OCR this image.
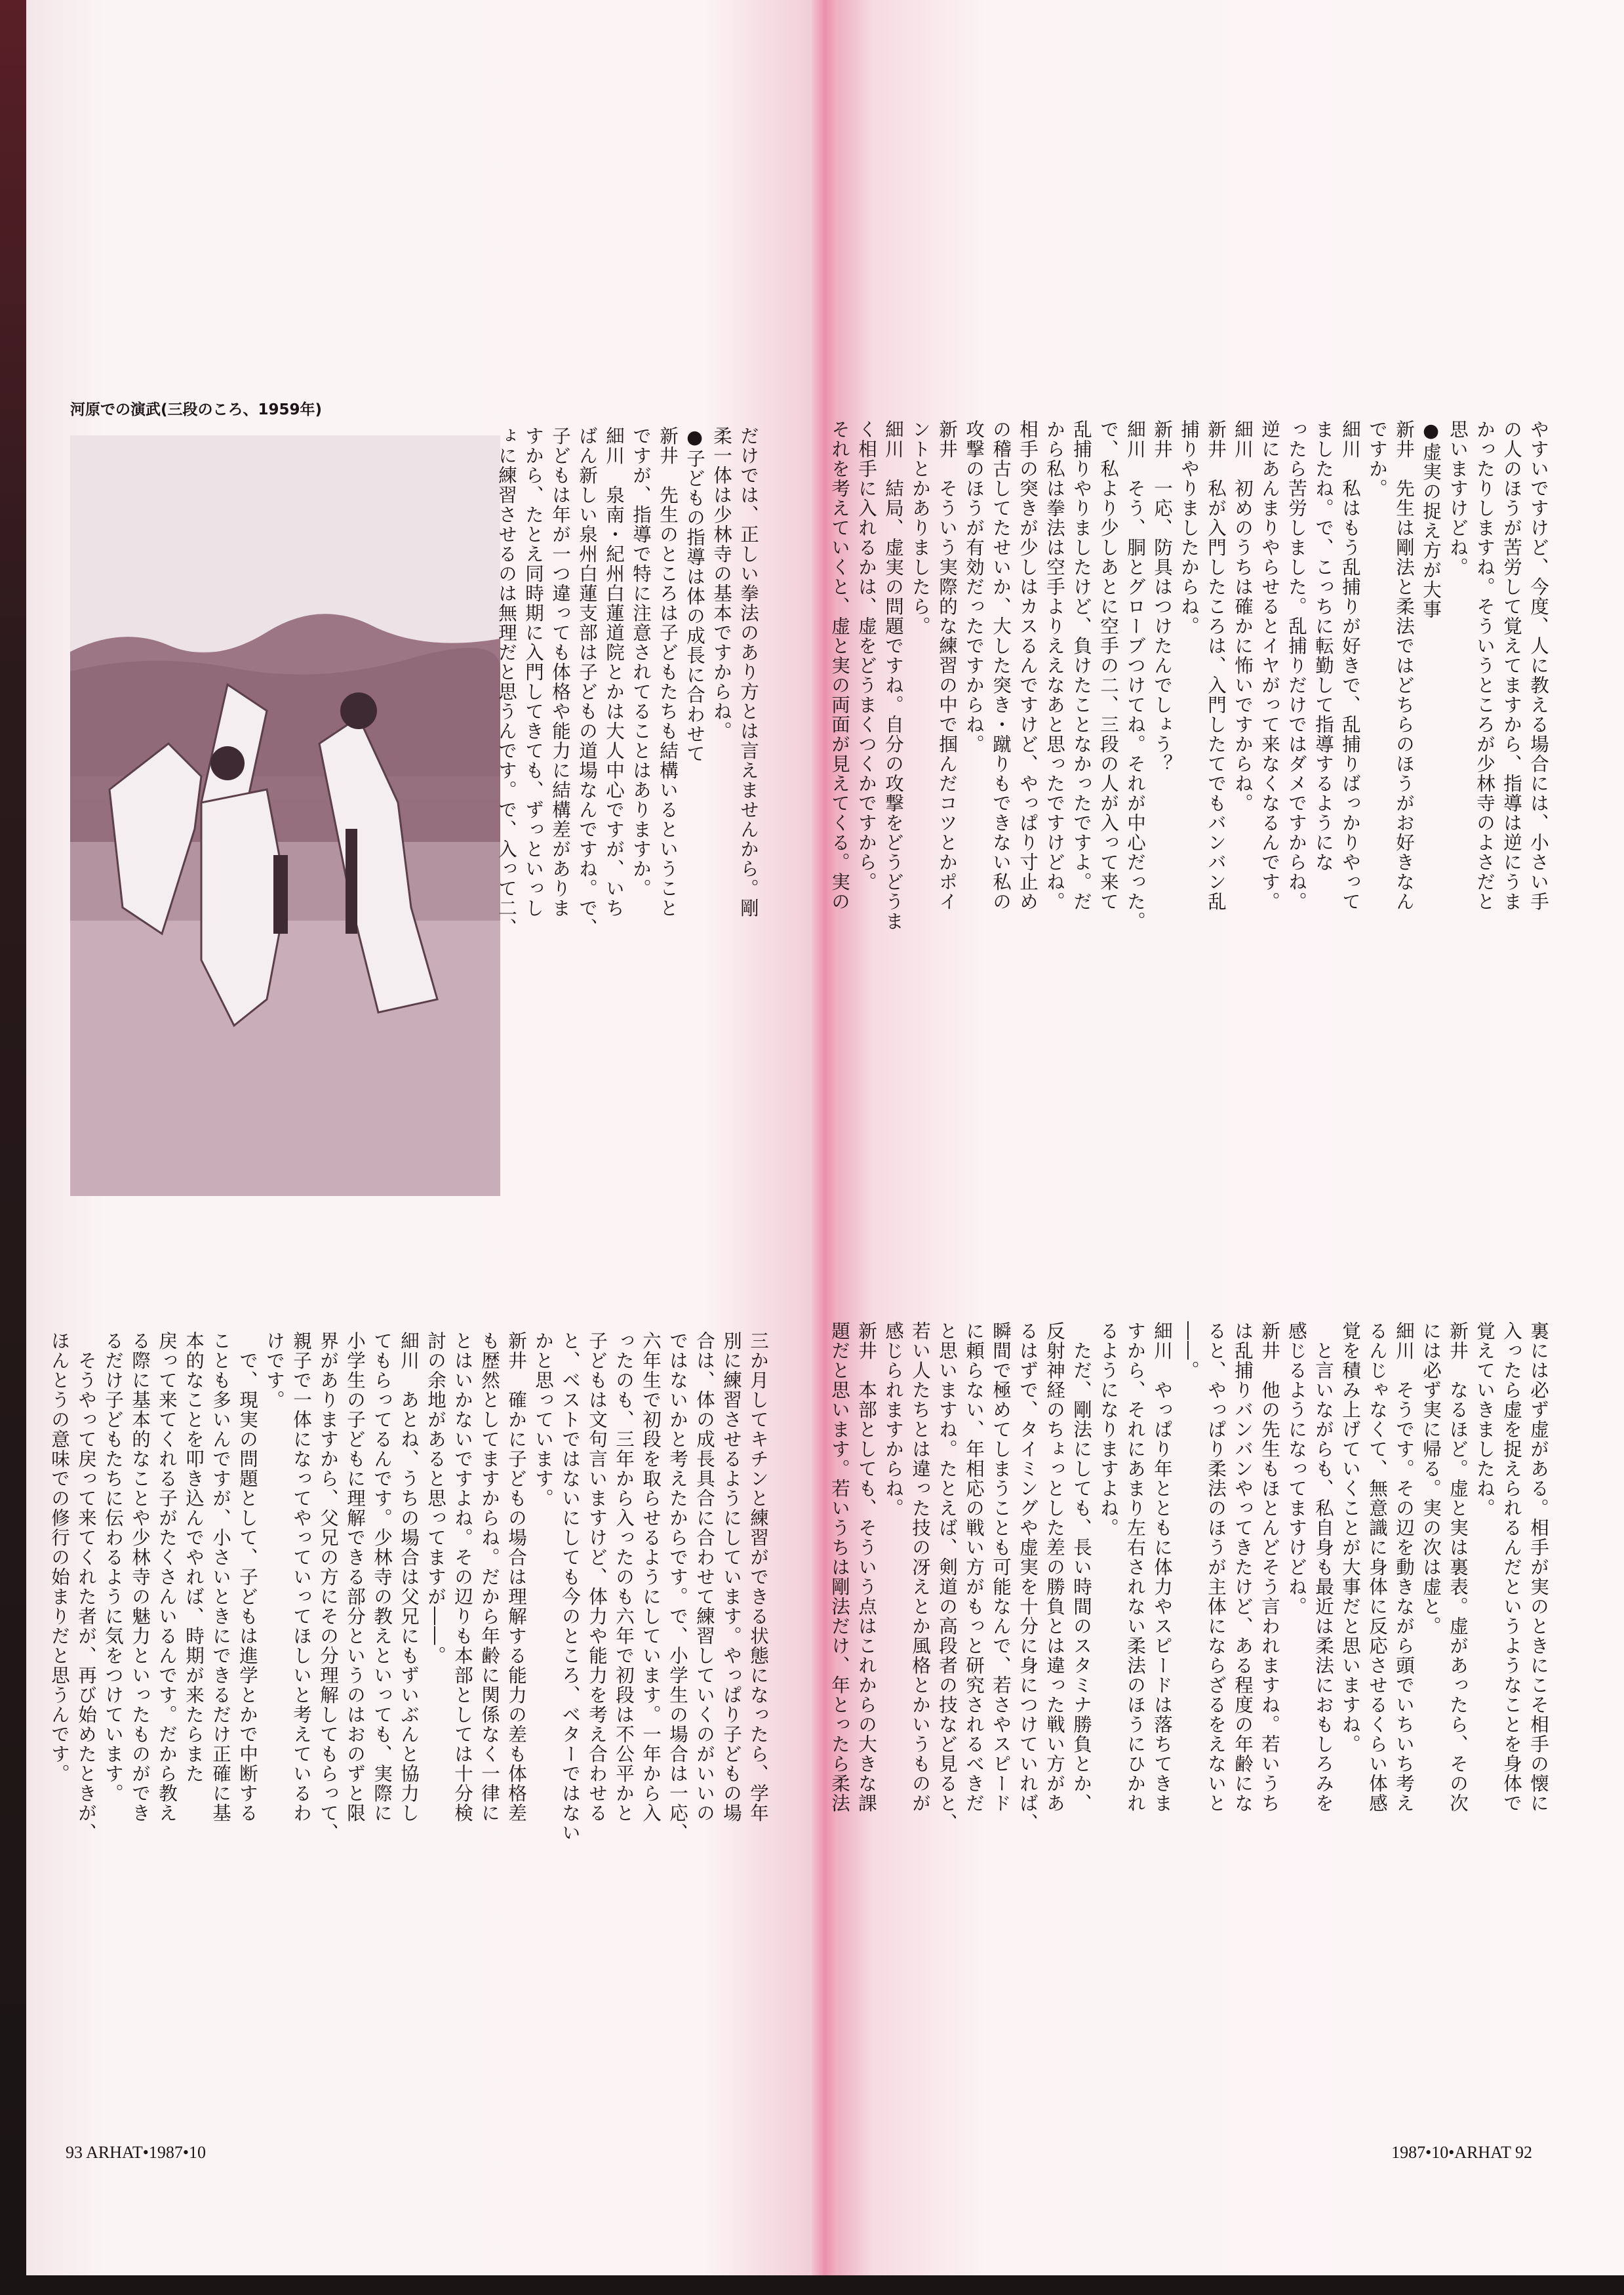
河原での演武(三段のころ、1959年)
だけでは、正しい拳法のあり方とは言えませんから。剛
柔一体は少林寺の基本ですからね。
●子どもの指導は体の成長に合わせて
新井　先生のところは子どもたちも結構いるということ
ですが、指導で特に注意されてることはありますか。
細川　泉南・紀州白蓮道院とかは大人中心ですが、いち
ばん新しい泉州白蓮支部は子どもの道場なんですね。で、
子どもは年が一つ違っても体格や能力に結構差がありま
すから、たとえ同時期に入門してきても、ずっといっし
ょに練習させるのは無理だと思うんです。で、入って二、
三か月してキチンと練習ができる状態になったら、学年
別に練習させるようにしています。やっぱり子どもの場
合は、体の成長具合に合わせて練習していくのがいいの
ではないかと考えたからです。で、小学生の場合は一応、
六年生で初段を取らせるようにしています。一年から入
ったのも、三年から入ったのも六年で初段は不公平かと
子どもは文句言いますけど、体力や能力を考え合わせる
と、ベストではないにしても今のところ、ベターではない
かと思っています。
新井　確かに子どもの場合は理解する能力の差も体格差
も歴然としてますからね。だから年齢に関係なく一律に
とはいかないですよね。その辺りも本部としては十分検
討の余地があると思ってますが――。
細川　あとね、うちの場合は父兄にもずいぶんと協力し
てもらってるんです。少林寺の教えといっても、実際に
小学生の子どもに理解できる部分というのはおのずと限
界がありますから、父兄の方にその分理解してもらって、
親子で一体になってやっていってほしいと考えているわ
けです。
　で、現実の問題として、子どもは進学とかで中断する
ことも多いんですが、小さいときにできるだけ正確に基
本的なことを叩き込んでやれば、時期が来たらまた
戻って来てくれる子がたくさんいるんです。だから教え
る際に基本的なことや少林寺の魅力といったものができ
るだけ子どもたちに伝わるように気をつけています。
　そうやって戻って来てくれた者が、再び始めたときが、
ほんとうの意味での修行の始まりだと思うんです。
93 ARHAT•1987•10
やすいですけど、今度、人に教える場合には、小さい手
の人のほうが苦労して覚えてますから、指導は逆にうま
かったりしますね。そういうところが少林寺のよさだと
思いますけどね。
●虚実の捉え方が大事
新井　先生は剛法と柔法ではどちらのほうがお好きなん
ですか。
細川　私はもう乱捕りが好きで、乱捕りばっかりやって
ましたね。で、こっちに転勤して指導するようにな
ったら苦労しました。乱捕りだけではダメですからね。
逆にあんまりやらせるとイヤがって来なくなるんです。
細川　初めのうちは確かに怖いですからね。
新井　私が入門したころは、入門したてでもバンバン乱
捕りやりましたからね。
新井　一応、防具はつけたんでしょう？
細川　そう、胴とグローブつけてね。それが中心だった。
で、私より少しあとに空手の二、三段の人が入って来て
乱捕りやりましたけど、負けたことなかったですよ。だ
から私は拳法は空手よりええなあと思ったですけどね。
相手の突きが少しはカスるんですけど、やっぱり寸止め
の稽古してたせいか、大した突き・蹴りもできない私の
攻撃のほうが有効だったですからね。
新井　そういう実際的な練習の中で掴んだコツとかポイ
ントとかありましたら。
細川　結局、虚実の問題ですね。自分の攻撃をどうどうま
く相手に入れるかは、虚をどうまくつくかですから。
それを考えていくと、虚と実の両面が見えてくる。実の
裏には必ず虚がある。相手が実のときにこそ相手の懐に
入ったら虚を捉えられるんだというようなことを身体で
覚えていきましたね。
新井　なるほど。虚と実は裏表。虚があったら、その次
には必ず実に帰る。実の次は虚と。
細川　そうです。その辺を動きながら頭でいちいち考え
るんじゃなくて、無意識に身体に反応させるくらい体感
覚を積み上げていくことが大事だと思いますね。
　と言いながらも、私自身も最近は柔法におもしろみを
感じるようになってますけどね。
新井　他の先生もほとんどそう言われますね。若いうち
は乱捕りバンバンやってきたけど、ある程度の年齢にな
ると、やっぱり柔法のほうが主体にならざるをえないと
――。
細川　やっぱり年とともに体力やスピードは落ちてきま
すから、それにあまり左右されない柔法のほうにひかれ
るようになりますよね。
　ただ、剛法にしても、長い時間のスタミナ勝負とか、
反射神経のちょっとした差の勝負とは違った戦い方があ
るはずで、タイミングや虚実を十分に身につけていれば、
瞬間で極めてしまうことも可能なんで、若さやスピード
に頼らない、年相応の戦い方がもっと研究されるべきだ
と思いますね。たとえば、剣道の高段者の技など見ると、
若い人たちとは違った技の冴えとか風格とかいうものが
感じられますからね。
新井　本部としても、そういう点はこれからの大きな課
題だと思います。若いうちは剛法だけ、年とったら柔法
1987•10•ARHAT 92
